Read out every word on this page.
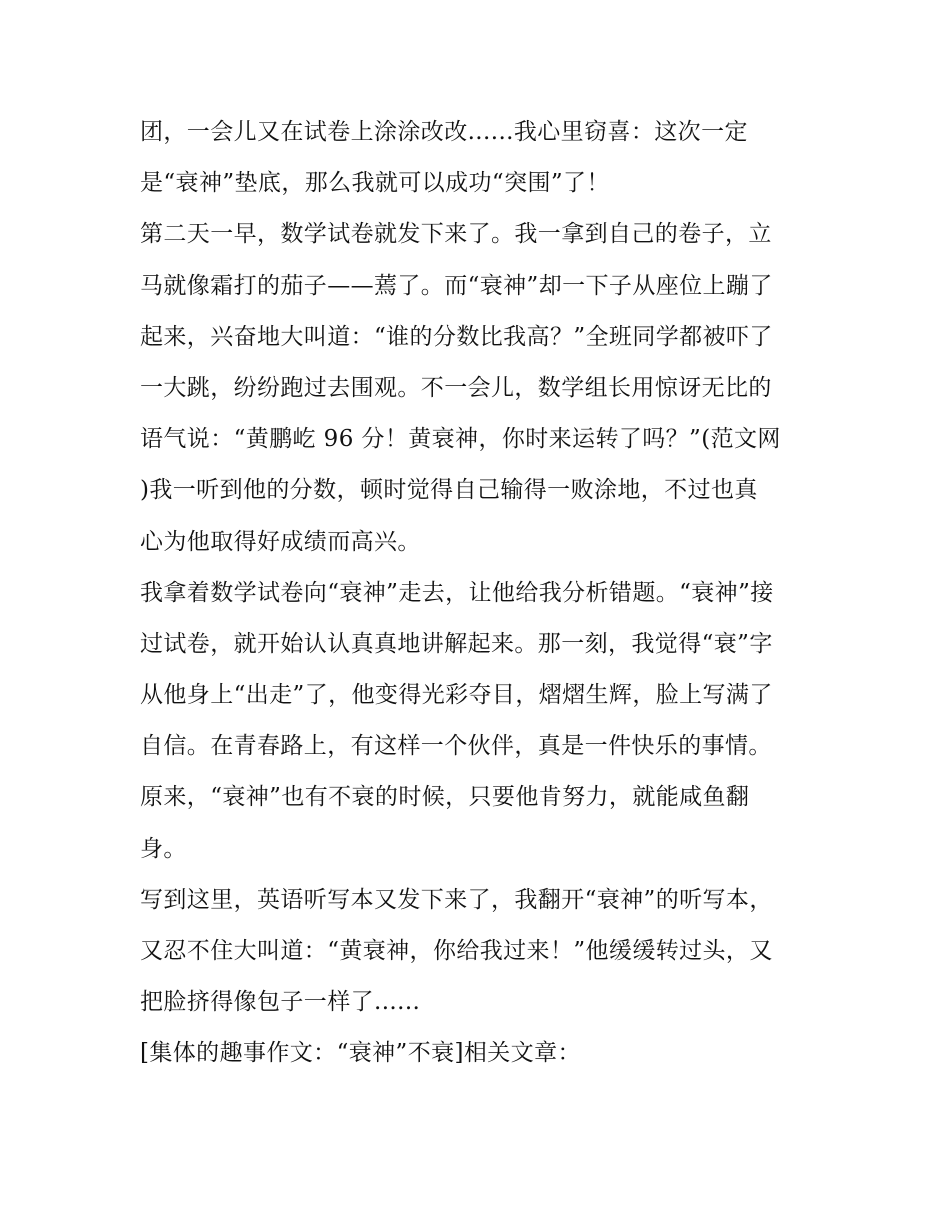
团，一会儿又在试卷上涂涂改改......我心里窃喜：这次一定
是“衰神”垫底，那么我就可以成功“突围”了！
第二天一早，数学试卷就发下来了。我一拿到自己的卷子，立
马就像霜打的茄子——蔫了。而“衰神”却一下子从座位上蹦了
起来，兴奋地大叫道：“谁的分数比我高？”全班同学都被吓了
一大跳，纷纷跑过去围观。不一会儿，数学组长用惊讶无比的
语气说：“黄鹏屹 96 分！黄衰神，你时来运转了吗？”(范文网
)我一听到他的分数，顿时觉得自己输得一败涂地，不过也真
心为他取得好成绩而高兴。
我拿着数学试卷向“衰神”走去，让他给我分析错题。“衰神”接
过试卷，就开始认认真真地讲解起来。那一刻，我觉得“衰”字
从他身上“出走”了，他变得光彩夺目，熠熠生辉，脸上写满了
自信。在青春路上，有这样一个伙伴，真是一件快乐的事情。
原来，“衰神”也有不衰的时候，只要他肯努力，就能咸鱼翻
身。
写到这里，英语听写本又发下来了，我翻开“衰神”的听写本，
又忍不住大叫道：“黄衰神，你给我过来！”他缓缓转过头，又
把脸挤得像包子一样了......
[集体的趣事作文：“衰神”不衰]相关文章：
